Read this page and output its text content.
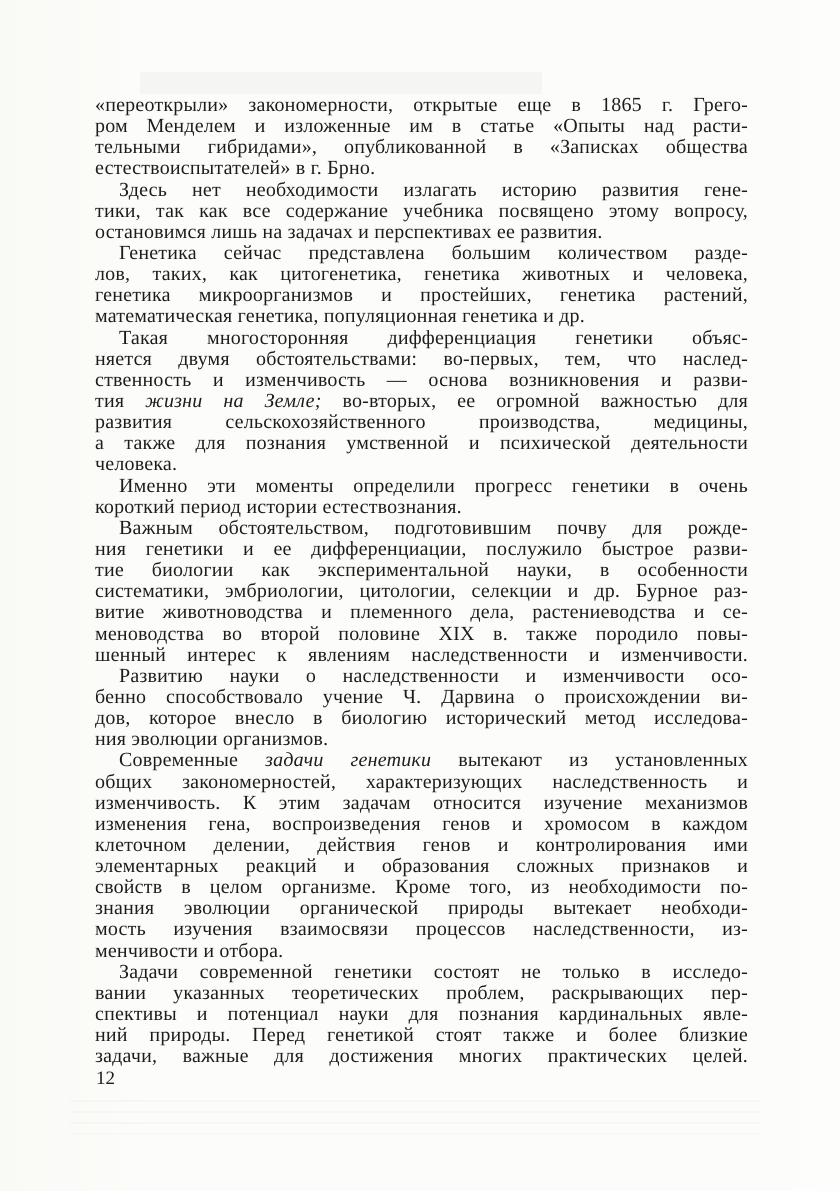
«переоткрыли» закономерности, открытые еще в 1865 г. Грего-
ром Менделем и изложенные им в статье «Опыты над расти-
тельными гибридами», опубликованной в «Записках общества
естествоиспытателей» в г. Брно.
Здесь нет необходимости излагать историю развития гене-
тики, так как все содержание учебника посвящено этому вопросу,
остановимся лишь на задачах и перспективах ее развития.
Генетика сейчас представлена большим количеством разде-
лов, таких, как цитогенетика, генетика животных и человека,
генетика микроорганизмов и простейших, генетика растений,
математическая генетика, популяционная генетика и др.
Такая многосторонняя дифференциация генетики объяс-
няется двумя обстоятельствами: во-первых, тем, что наслед-
ственность и изменчивость — основа возникновения и разви-
тия жизни на Земле; во-вторых, ее огромной важностью для
развития сельскохозяйственного производства, медицины,
а также для познания умственной и психической деятельности
человека.
Именно эти моменты определили прогресс генетики в очень
короткий период истории естествознания.
Важным обстоятельством, подготовившим почву для рожде-
ния генетики и ее дифференциации, послужило быстрое разви-
тие биологии как экспериментальной науки, в особенности
систематики, эмбриологии, цитологии, селекции и др. Бурное раз-
витие животноводства и племенного дела, растениеводства и се-
меноводства во второй половине XIX в. также породило повы-
шенный интерес к явлениям наследственности и изменчивости.
Развитию науки о наследственности и изменчивости осо-
бенно способствовало учение Ч. Дарвина о происхождении ви-
дов, которое внесло в биологию исторический метод исследова-
ния эволюции организмов.
Современные задачи генетики вытекают из установленных
общих закономерностей, характеризующих наследственность и
изменчивость. К этим задачам относится изучение механизмов
изменения гена, воспроизведения генов и хромосом в каждом
клеточном делении, действия генов и контролирования ими
элементарных реакций и образования сложных признаков и
свойств в целом организме. Кроме того, из необходимости по-
знания эволюции органической природы вытекает необходи-
мость изучения взаимосвязи процессов наследственности, из-
менчивости и отбора.
Задачи современной генетики состоят не только в исследо-
вании указанных теоретических проблем, раскрывающих пер-
спективы и потенциал науки для познания кардинальных явле-
ний природы. Перед генетикой стоят также и более близкие
задачи, важные для достижения многих практических целей.
12
